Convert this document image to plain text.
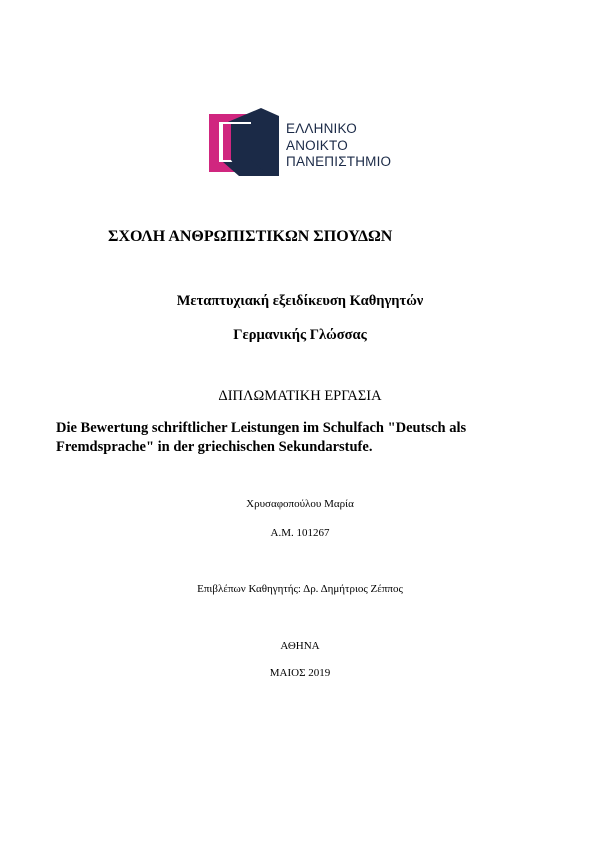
ΕΛΛΗΝΙΚΟ
ΑΝΟΙΚΤΟ
ΠΑΝΕΠΙΣΤΗΜΙΟ
ΣΧΟΛΗ ΑΝΘΡΩΠΙΣΤΙΚΩΝ ΣΠΟΥΔΩΝ
Μεταπτυχιακή εξειδίκευση Καθηγητών
Γερμανικής Γλώσσας
ΔΙΠΛΩΜΑΤΙΚΗ ΕΡΓΑΣΙΑ
Die Bewertung schriftlicher Leistungen im Schulfach "Deutsch als
Fremdsprache" in der griechischen Sekundarstufe.
Χρυσαφοπούλου Μαρία
Α.Μ. 101267
Επιβλέπων Καθηγητής: Δρ. Δημήτριος Ζέππος
ΑΘΗΝΑ
ΜΑΙΟΣ 2019
